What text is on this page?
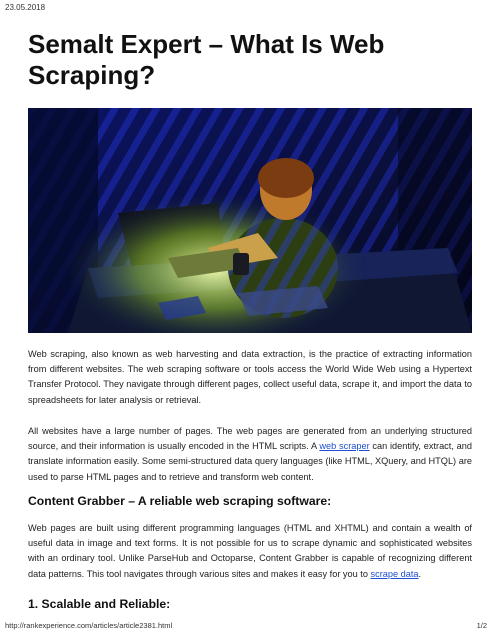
23.05.2018
Semalt Expert – What Is Web Scraping?

Web scraping, also known as web harvesting and data extraction, is the practice of extracting information from different websites. The web scraping software or tools access the World Wide Web using a Hypertext Transfer Protocol. They navigate through different pages, collect useful data, scrape it, and import the data to spreadsheets for later analysis or retrieval.

All websites have a large number of pages. The web pages are generated from an underlying structured source, and their information is usually encoded in the HTML scripts. A web scraper can identify, extract, and translate information easily. Some semi-structured data query languages (like HTML, XQuery, and HTQL) are used to parse HTML pages and to retrieve and transform web content.

Content Grabber – A reliable web scraping software:

Web pages are built using different programming languages (HTML and XHTML) and contain a wealth of useful data in image and text forms. It is not possible for us to scrape dynamic and sophisticated websites with an ordinary tool. Unlike ParseHub and Octoparse, Content Grabber is capable of recognizing different data patterns. This tool navigates through various sites and makes it easy for you to scrape data.

1. Scalable and Reliable:
http://rankexperience.com/articles/article2381.html	1/2
